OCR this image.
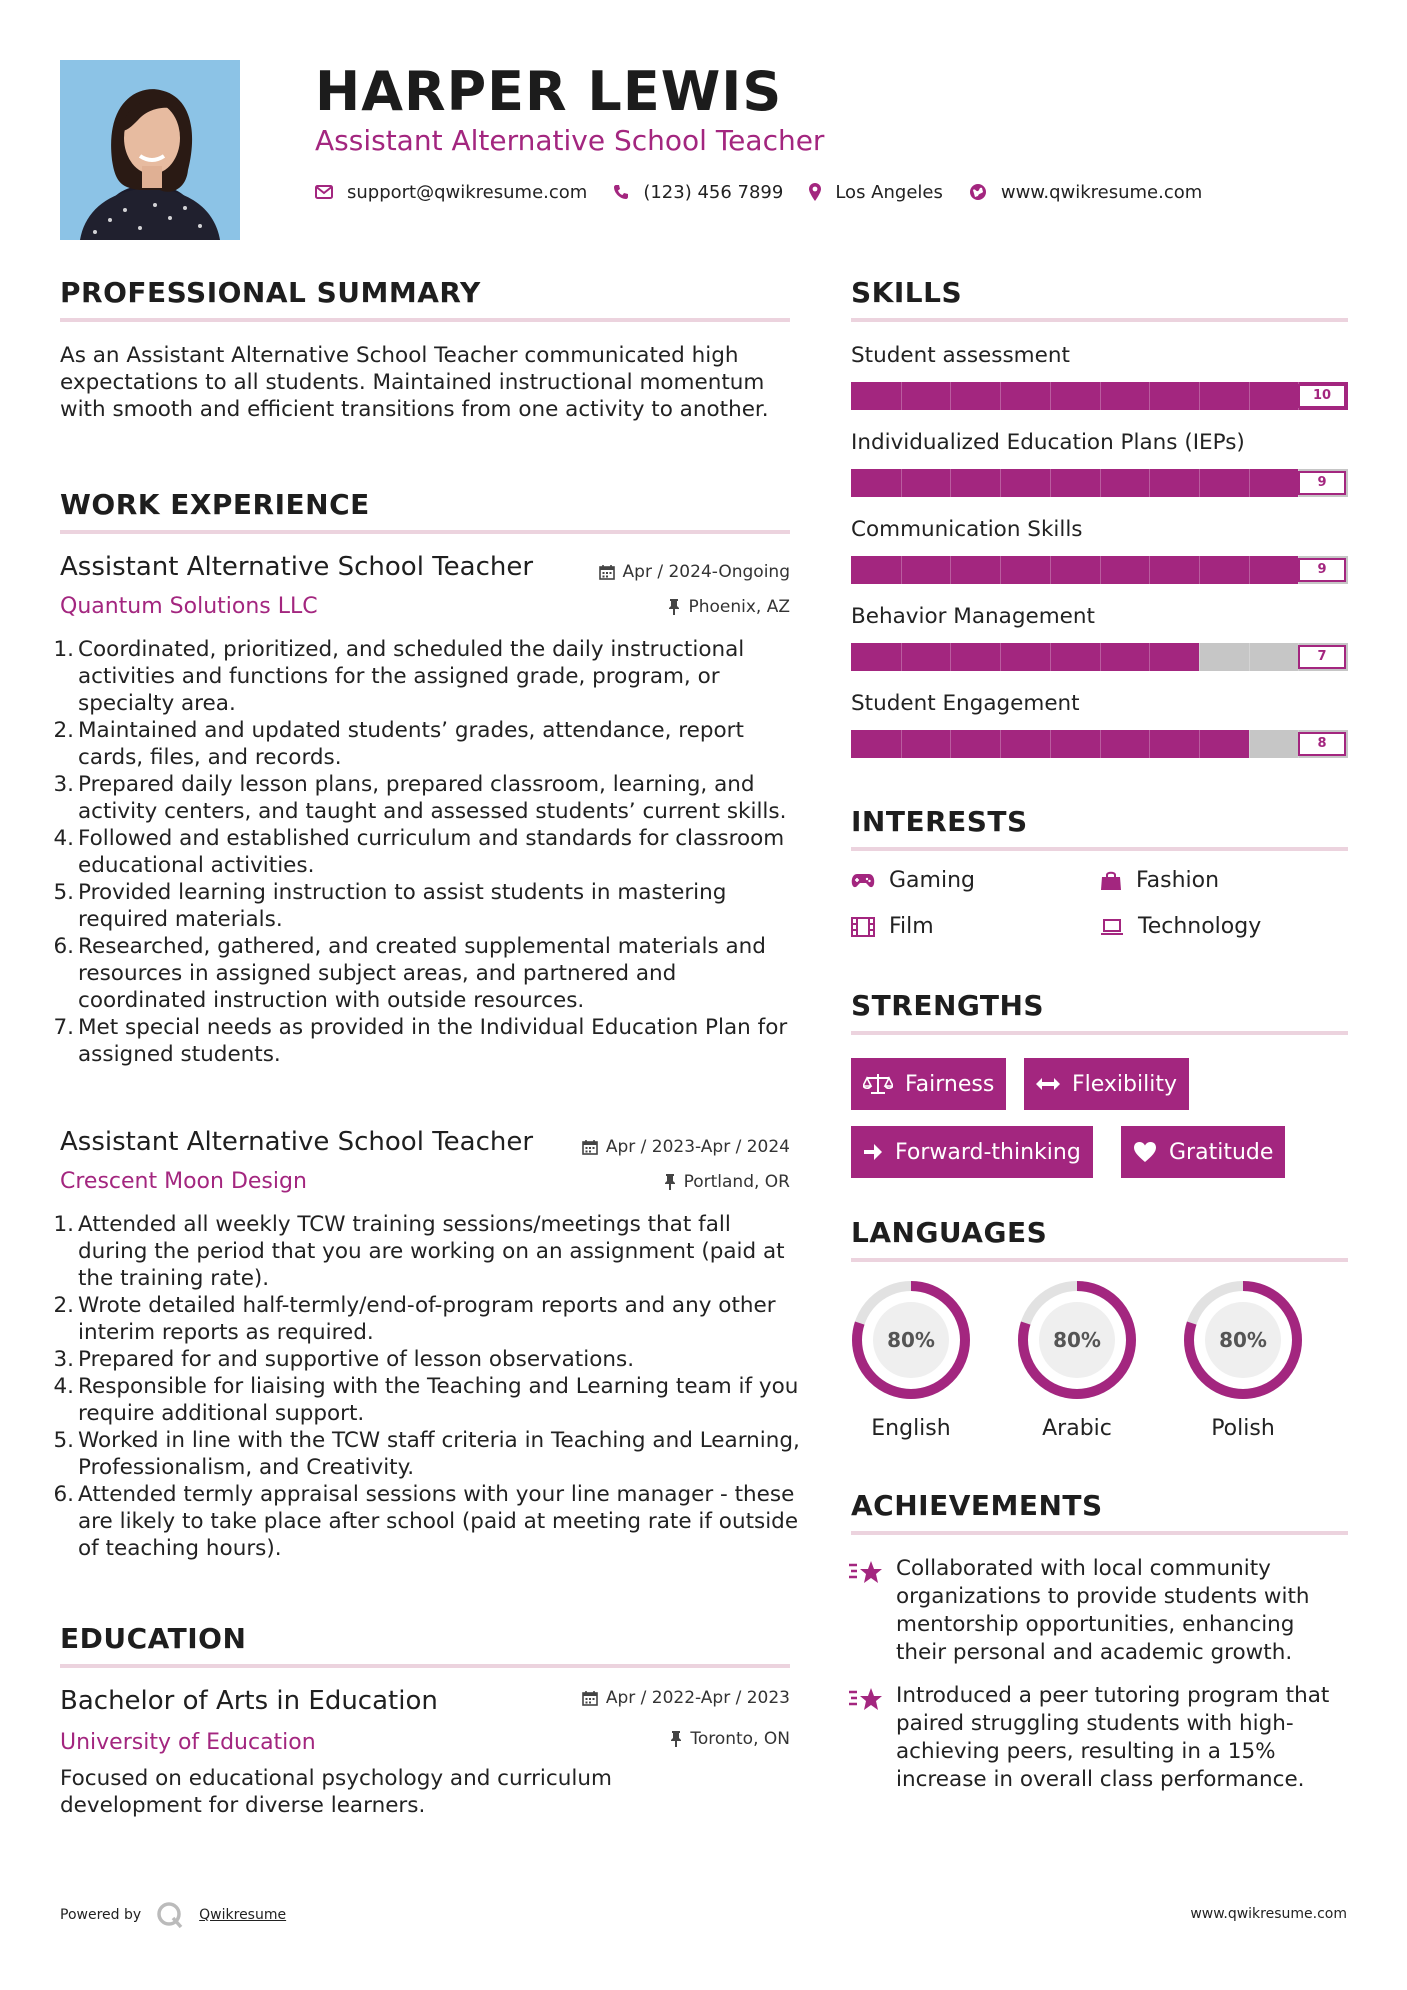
HARPER LEWIS
Assistant Alternative School Teacher
support@qwikresume.com	(123) 456 7899	Los Angeles	www.qwikresume.com
PROFESSIONAL SUMMARY
As an Assistant Alternative School Teacher communicated high expectations to all students. Maintained instructional momentum with smooth and efficient transitions from one activity to another.
WORK EXPERIENCE
Assistant Alternative School Teacher	Apr / 2024-Ongoing
Quantum Solutions LLC	Phoenix, AZ
1. Coordinated, prioritized, and scheduled the daily instructional activities and functions for the assigned grade, program, or specialty area.
2. Maintained and updated students’ grades, attendance, report cards, files, and records.
3. Prepared daily lesson plans, prepared classroom, learning, and activity centers, and taught and assessed students’ current skills.
4. Followed and established curriculum and standards for classroom educational activities.
5. Provided learning instruction to assist students in mastering required materials.
6. Researched, gathered, and created supplemental materials and resources in assigned subject areas, and partnered and coordinated instruction with outside resources.
7. Met special needs as provided in the Individual Education Plan for assigned students.
Assistant Alternative School Teacher	Apr / 2023-Apr / 2024
Crescent Moon Design	Portland, OR
1. Attended all weekly TCW training sessions/meetings that fall during the period that you are working on an assignment (paid at the training rate).
2. Wrote detailed half-termly/end-of-program reports and any other interim reports as required.
3. Prepared for and supportive of lesson observations.
4. Responsible for liaising with the Teaching and Learning team if you require additional support.
5. Worked in line with the TCW staff criteria in Teaching and Learning, Professionalism, and Creativity.
6. Attended termly appraisal sessions with your line manager - these are likely to take place after school (paid at meeting rate if outside of teaching hours).
EDUCATION
Bachelor of Arts in Education	Apr / 2022-Apr / 2023
University of Education	Toronto, ON
Focused on educational psychology and curriculum development for diverse learners.
SKILLS
Student assessment
10
Individualized Education Plans (IEPs)
9
Communication Skills
9
Behavior Management
7
Student Engagement
8
INTERESTS
Gaming	Fashion
Film	Technology
STRENGTHS
Fairness	Flexibility
Forward-thinking	Gratitude
LANGUAGES
80%
English
80%
Arabic
80%
Polish
ACHIEVEMENTS
Collaborated with local community organizations to provide students with mentorship opportunities, enhancing their personal and academic growth.
Introduced a peer tutoring program that paired struggling students with high-achieving peers, resulting in a 15% increase in overall class performance.
Powered by	Qwikresume	www.qwikresume.com
